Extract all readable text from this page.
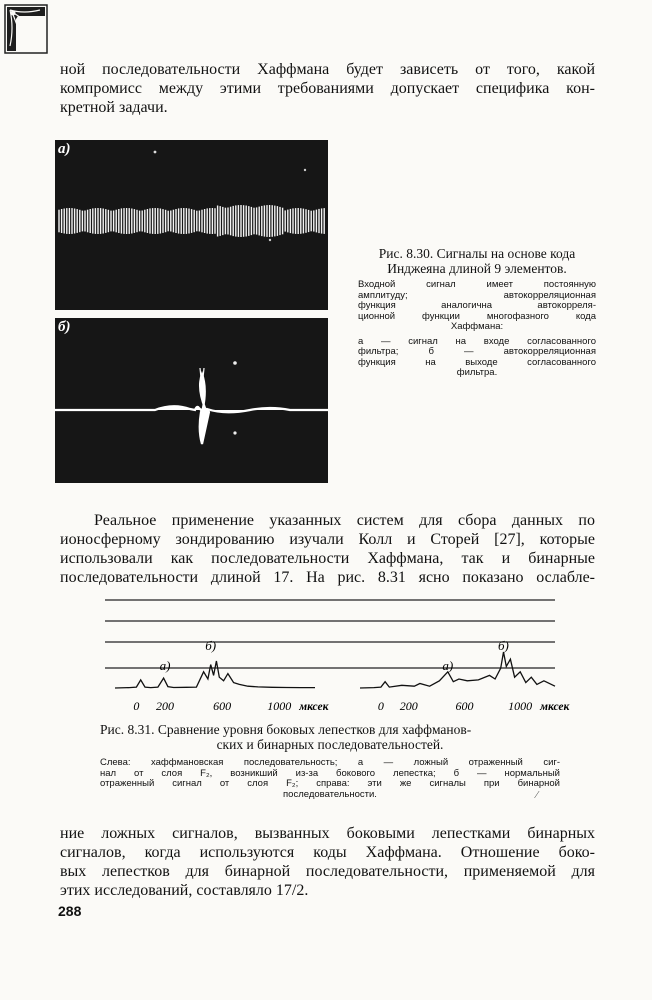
ной последовательности Хаффмана будет зависеть от того, какой
компромисс между этими требованиями допускает специфика кон-
кретной задачи.

а)
б)

Рис. 8.30. Сигналы на основе кода Инджеяна длиной 9 элементов.

Входной сигнал имеет постоянную
амплитуду; автокорреляционная
функция аналогична автокорреля-
ционной функции многофазного кода
Хаффмана:

а — сигнал на входе согласованного
фильтра; б — автокорреляционная
функция на выходе согласованного
фильтра.

Реальное применение указанных систем для сбора данных по
ионосферному зондированию изучали Колл и Сторей [27], которые
использовали как последовательности Хаффмана, так и бинарные
последовательности длиной 17. На рис. 8.31 ясно показано ослабле-

0 200	600	1000 мксек
а)
б)
0 200	600	1000 мксек
а)
б)

Рис. 8.31. Сравнение уровня боковых лепестков для хаффманов-
ских и бинарных последовательностей.

Слева: хаффмановская последовательность; а — ложный отраженный сиг-
нал от слоя F₂, возникший из-за бокового лепестка; б — нормальный
отраженный сигнал от слоя F₂; справа: эти же сигналы при бинарной
последовательности.	⁄

ние ложных сигналов, вызванных боковыми лепестками бинарных
сигналов, когда используются коды Хаффмана. Отношение боко-
вых лепестков для бинарной последовательности, применяемой для
этих исследований, составляло 17/2.

288
